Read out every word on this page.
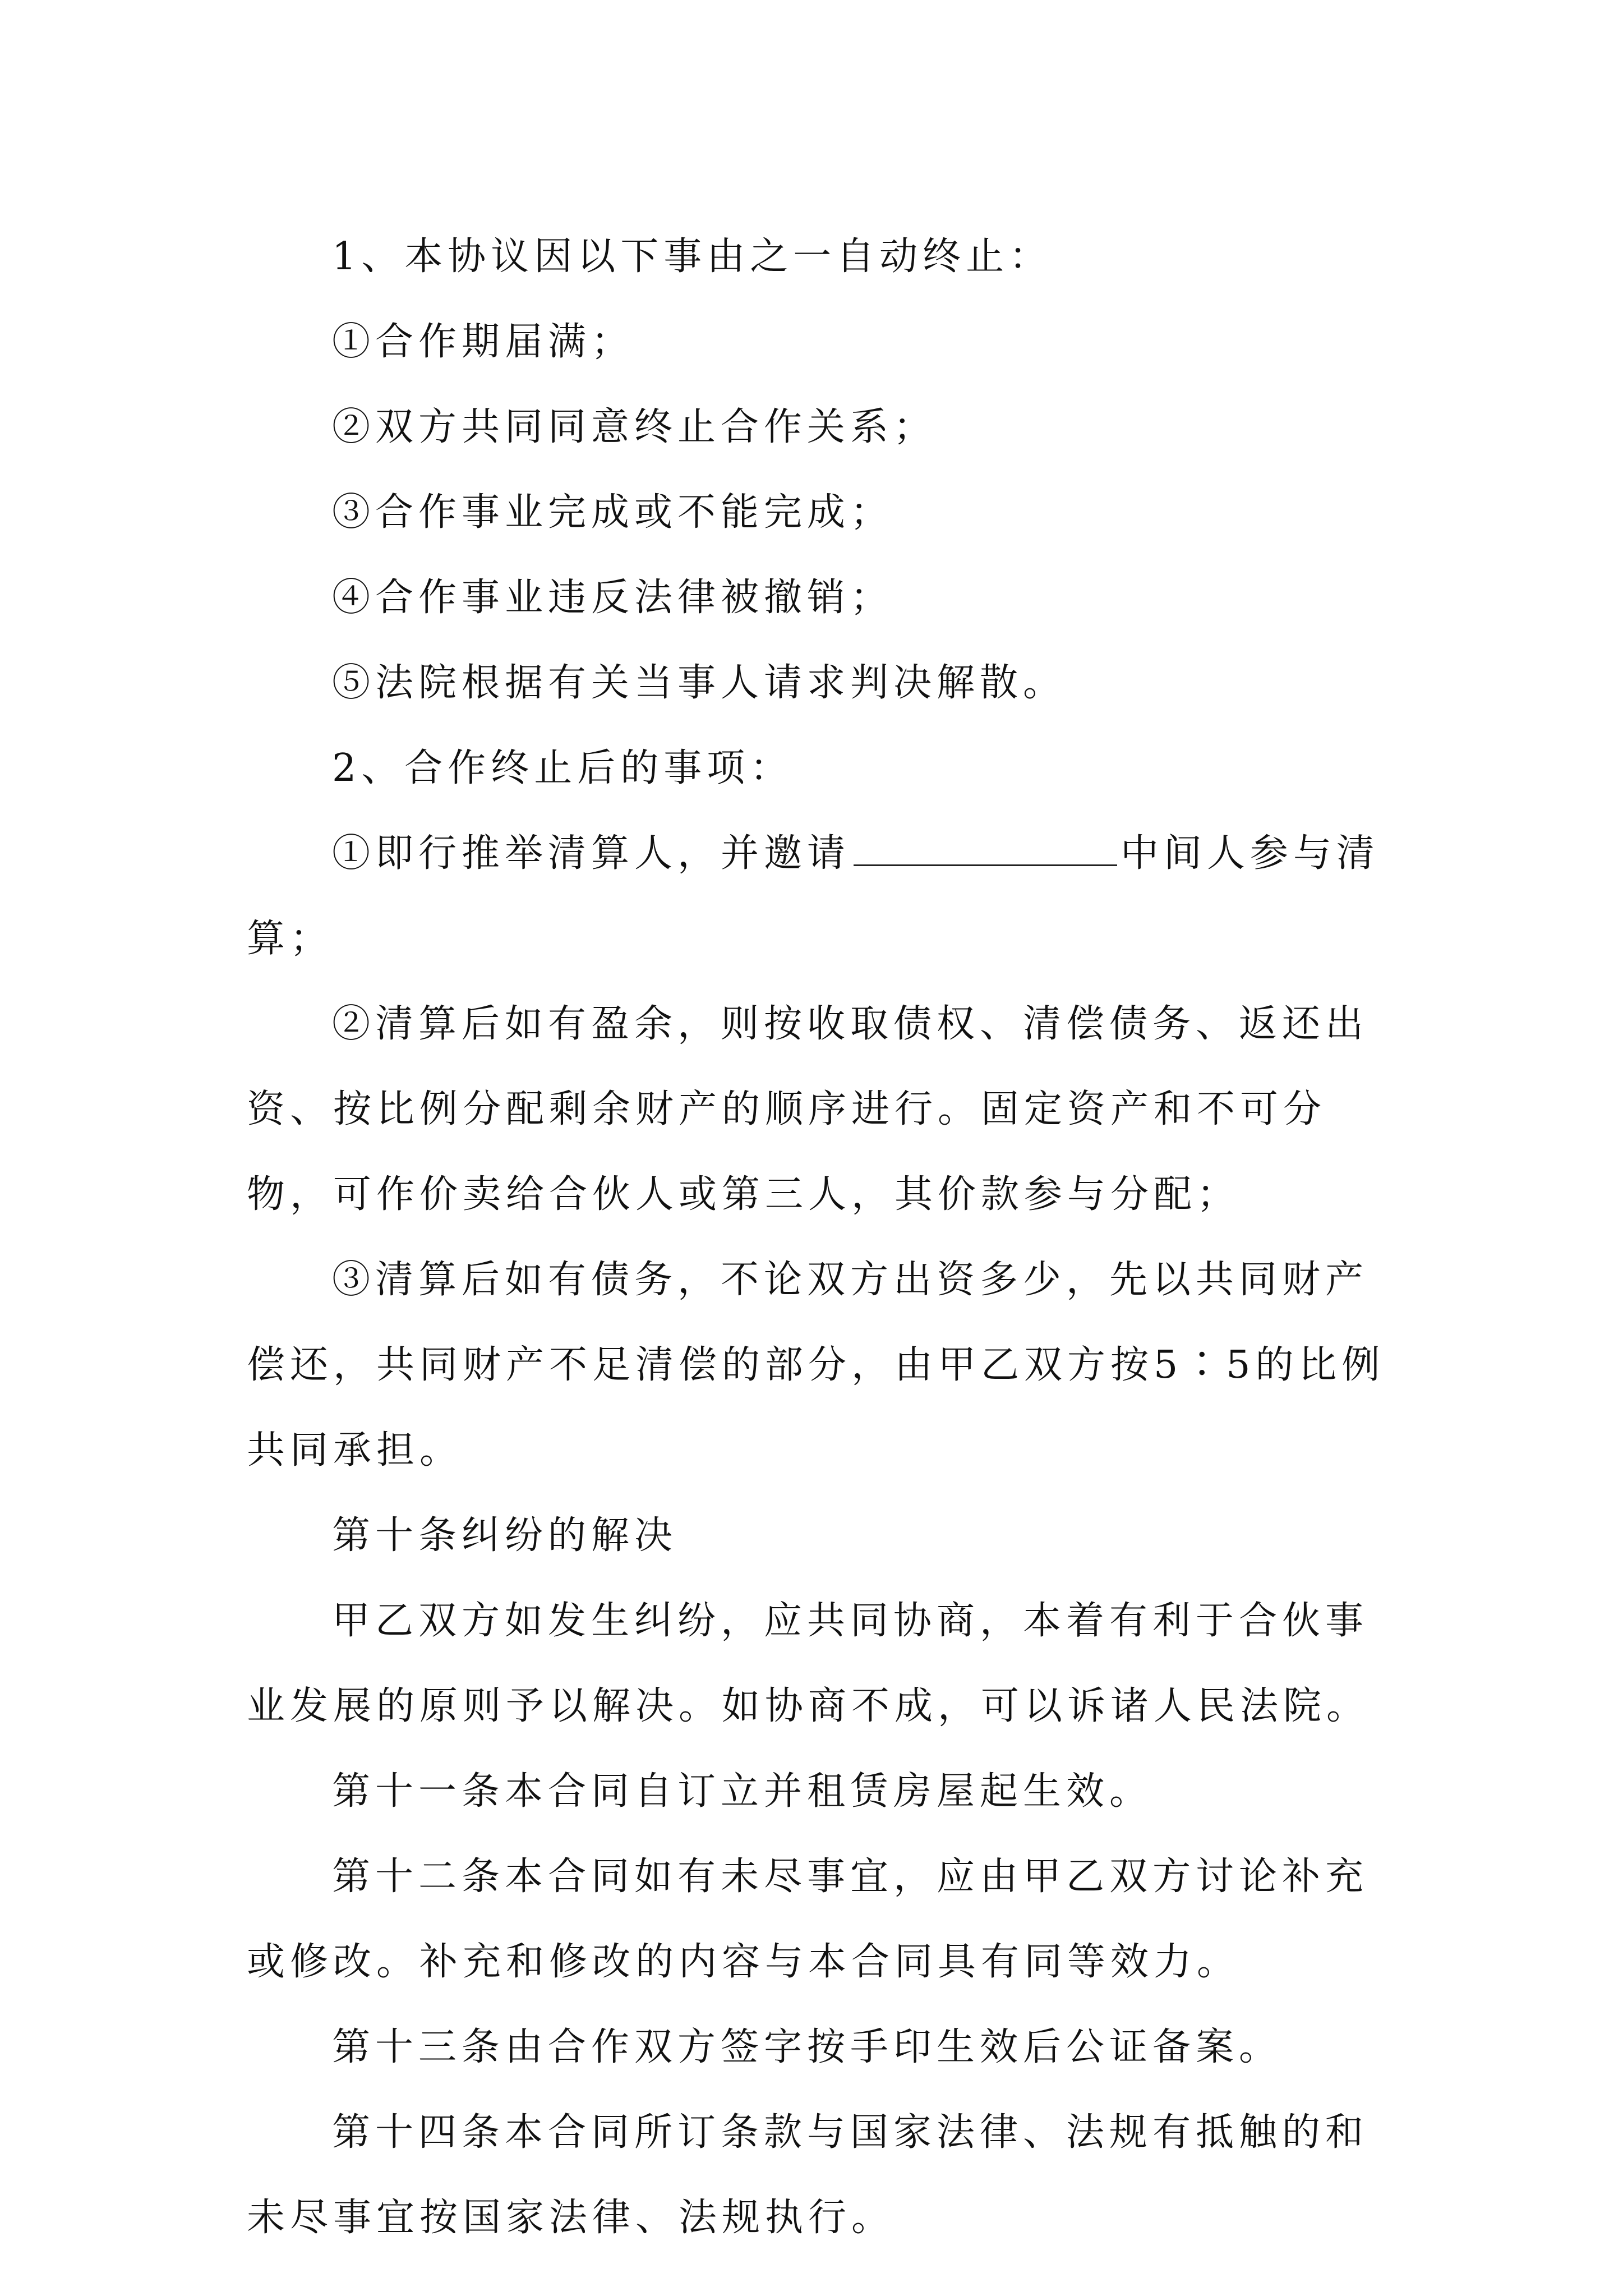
1、本协议因以下事由之一自动终止：

①合作期届满；

②双方共同同意终止合作关系；

③合作事业完成或不能完成；

④合作事业违反法律被撤销；

⑤法院根据有关当事人请求判决解散。

2、合作终止后的事项：

①即行推举清算人，并邀请	中间人参与清算；

②清算后如有盈余，则按收取债权、清偿债务、返还出资、按比例分配剩余财产的顺序进行。固定资产和不可分物，可作价卖给合伙人或第三人，其价款参与分配；

③清算后如有债务，不论双方出资多少，先以共同财产偿还，共同财产不足清偿的部分，由甲乙双方按5∶5的比例共同承担。

第十条纠纷的解决

甲乙双方如发生纠纷，应共同协商，本着有利于合伙事业发展的原则予以解决。如协商不成，可以诉诸人民法院。

第十一条本合同自订立并租赁房屋起生效。

第十二条本合同如有未尽事宜，应由甲乙双方讨论补充或修改。补充和修改的内容与本合同具有同等效力。

第十三条由合作双方签字按手印生效后公证备案。

第十四条本合同所订条款与国家法律、法规有抵触的和未尽事宜按国家法律、法规执行。
